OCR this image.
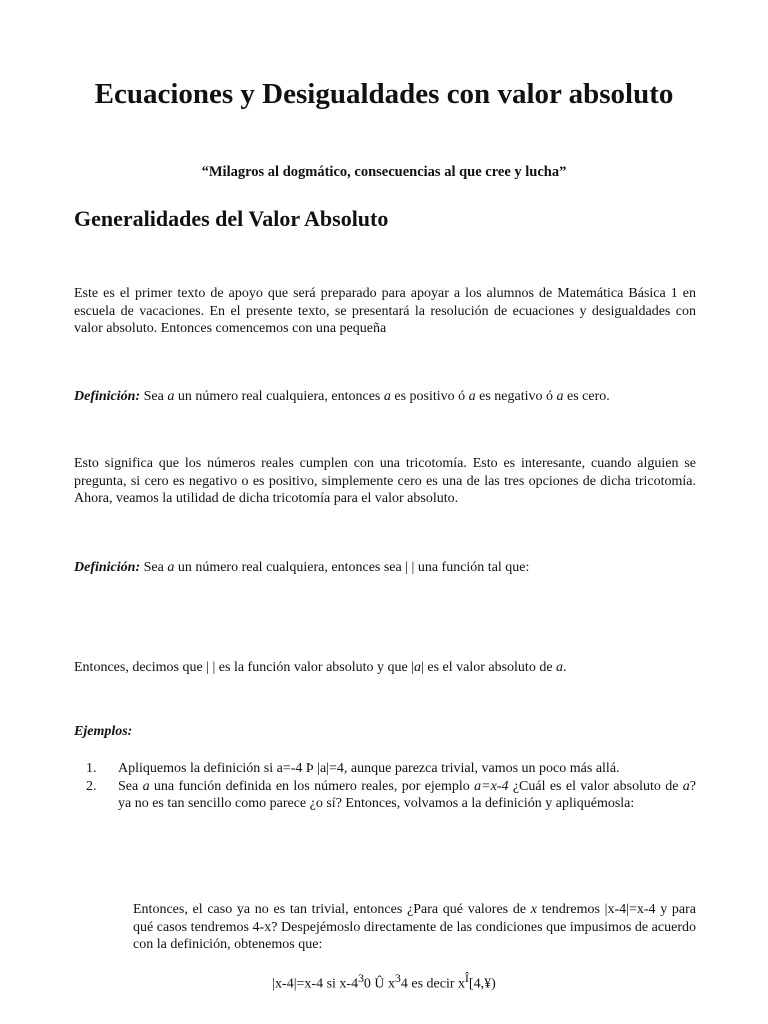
Ecuaciones y Desigualdades con valor absoluto

“Milagros al dogmático, consecuencias al que cree y lucha”

Generalidades del Valor Absoluto

Este es el primer texto de apoyo que será preparado para apoyar a los alumnos de Matemática Básica 1 en escuela de vacaciones. En el presente texto, se presentará la resolución de ecuaciones y desigualdades con valor absoluto. Entonces comencemos con una pequeña

Definición: Sea a un número real cualquiera, entonces a es positivo ó a es negativo ó a es cero.

Esto significa que los números reales cumplen con una tricotomía. Esto es interesante, cuando alguien se pregunta, si cero es negativo o es positivo, simplemente cero es una de las tres opciones de dicha tricotomía. Ahora, veamos la utilidad de dicha tricotomía para el valor absoluto.

Definición: Sea a un número real cualquiera, entonces sea | | una función tal que:

Entonces, decimos que | | es la función valor absoluto y que |a| es el valor absoluto de a.

Ejemplos:

1. Apliquemos la definición si a=-4 Þ |a|=4, aunque parezca trivial, vamos un poco más allá.
2. Sea a una función definida en los número reales, por ejemplo a=x-4 ¿Cuál es el valor absoluto de a? ya no es tan sencillo como parece ¿o sí? Entonces, volvamos a la definición y apliquémosla:

Entonces, el caso ya no es tan trivial, entonces ¿Para qué valores de x tendremos |x-4|=x-4 y para qué casos tendremos 4-x? Despejémoslo directamente de las condiciones que impusimos de acuerdo con la definición, obtenemos que:

|x-4|=x-4 si $x-4^30$ Û $x^34$ es decir $x^Î[4,¥)$
